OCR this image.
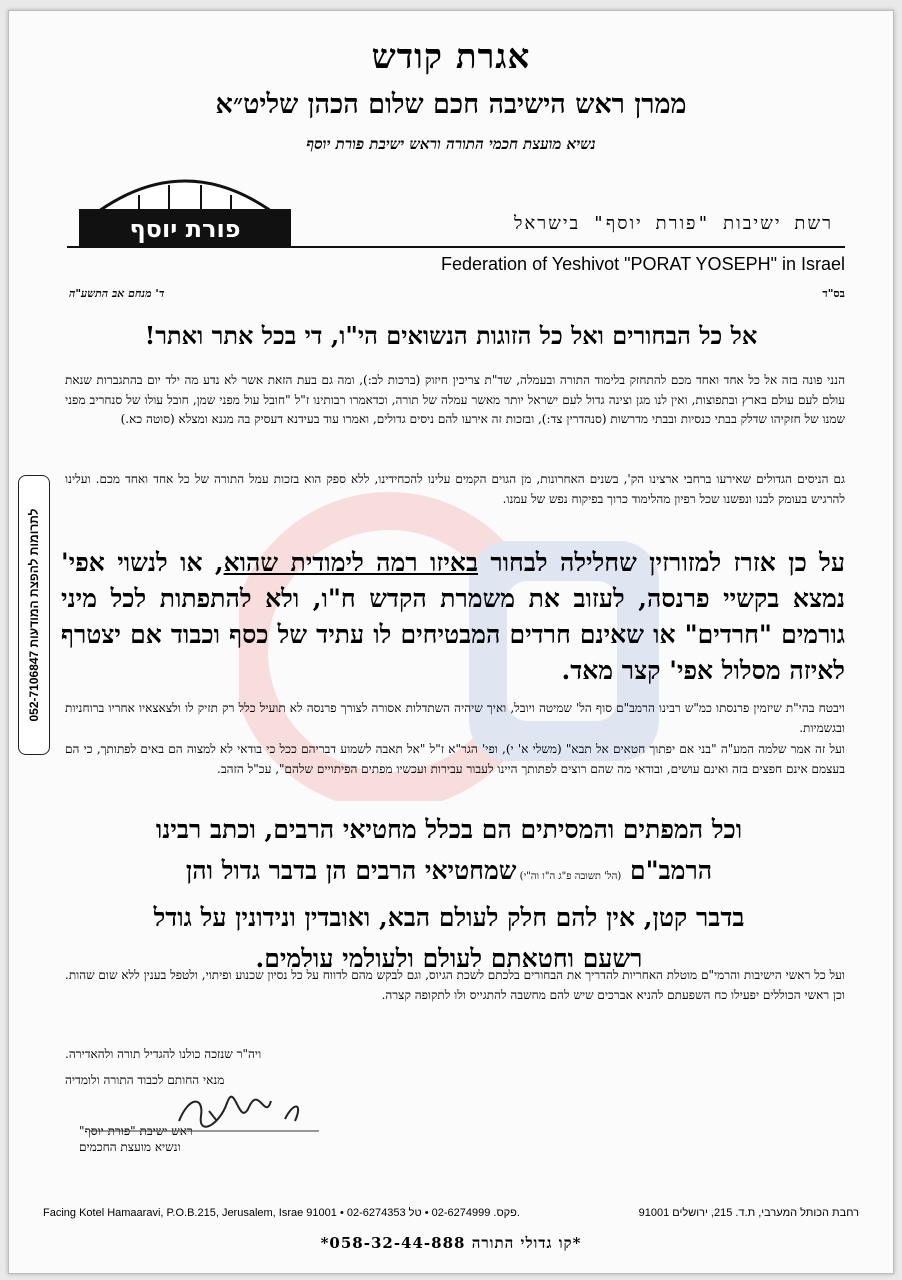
אגרת קודש
ממרן ראש הישיבה חכם שלום הכהן שליט״א
נשיא מועצת חכמי התורה וראש ישיבת פורת יוסף
פורת יוסף	רשת ישיבות "פורת יוסף" בישראל
Federation of Yeshivot "PORAT YOSEPH" in Israel
ד' מנחם אב התשע"ה	בס"ד
אל כל הבחורים ואל כל הזוגות הנשואים הי"ו, די בכל אתר ואתר!
הנני פונה בזה אל כל אחד ואחד מכם להתחזק בלימוד התורה ובעמלה, שד"ת צריכין חיזוק (ברכות לב:), ומה גם בעת הזאת אשר לא נדע מה ילד יום בהתגברות שנאת עולם לעם עולם בארץ ובתפוצות, ואין לנו מגן וצינה גדול לעם ישראל יותר מאשר עמלה של תורה, וכדאמרו רבותינו ז"ל "חובל עול מפני שמן, חובל עולו של סנחריב מפני שמנו של חזקיהו שדלק בבתי כנסיות ובבתי מדרשות (סנהדרין צד:), ובזכות זה אירעו להם ניסים גדולים, ואמרו עוד בעידנא דעסיק בה מגנא ומצלא (סוטה כא.)
גם הניסים הגדולים שאירעו ברחבי ארצינו הק', בשנים האחרונות, מן הגוים הקמים עלינו להכחידינו, ללא ספק הוא בזכות עמל התורה של כל אחד ואחד מכם. ועלינו להרגיש בעומק לבנו ונפשנו שכל רפיון מהלימוד כרוך בפיקוח נפש של עמנו.
על כן אזרז למזורזין שחלילה לבחור באיזו רמה לימודית שהוא, או לנשוי אפי' נמצא בקשיי פרנסה, לעזוב את משמרת הקדש ח"ו, ולא להתפתות לכל מיני גורמים "חרדים" או שאינם חרדים המבטיחים לו עתיד של כסף וכבוד אם יצטרף לאיזה מסלול אפי' קצר מאד.
ויבטח בהי"ת שיזמין פרנסתו כמ"ש רבינו הרמב"ם סוף הל' שמיטה ויובל, ואיך שיהיה השתדלות אסורה לצורך פרנסה לא תועיל כלל רק תזיק לו ולצאצאיו אחריו ברוחניות ובגשמיות.
ועל זה אמר שלמה המע"ה "בני אם יפתוך חטאים אל תבא" (משלי א' י), ופי' הגר"א ז"ל "אל תאבה לשמוע דבריהם ככל כי בודאי לא למצוה הם באים לפתותך, כי הם בעצמם אינם חפצים בזה ואינם עושים, ובודאי מה שהם רוצים לפתותך היינו לעבור עבירות ועכשיו מפתים הפיתויים שלהם", עכ"ל הזהב.
וכל המפתים והמסיתים הם בכלל מחטיאי הרבים, וכתב רבינו
הרמב"ם (הל' תשובה פ"ג ה"ו וה"י) שמחטיאי הרבים הן בדבר גדול והן
בדבר קטן, אין להם חלק לעולם הבא, ואובדין ונידונין על גודל
רשעם וחטאתם לעולם ולעולמי עולמים.
ועל כל ראשי הישיבות והרמי"ם מוטלת האחריות להדריך את הבחורים בלכתם לשכת הגיוס, וגם לבקש מהם לדווח על כל נסיון שכנוע ופיתוי, ולטפל בענין ללא שום שהות. וכן ראשי הכוללים יפעילו כח השפעתם להניא אברכים שיש להם מחשבה להתגייס ולו לתקופה קצרה.
ויה"ר שנזכה כולנו להגדיל תורה ולהאדירה.
מנאי החותם לכבוד התורה ולומדיה
ראש ישיבת "פורת יוסף"
ונשיא מועצת החכמים
Facing Kotel Hamaaravi, P.O.B.215, Jerusalem, Israe 91001 • 02-6274353 פקס. 02-6274999 • טל.	רחבת הכותל המערבי, ת.ד. 215, ירושלים 91001
*קו גדולי התורה 058-32-44-888*
לתרומות להפצת המודעות 052-7106847
